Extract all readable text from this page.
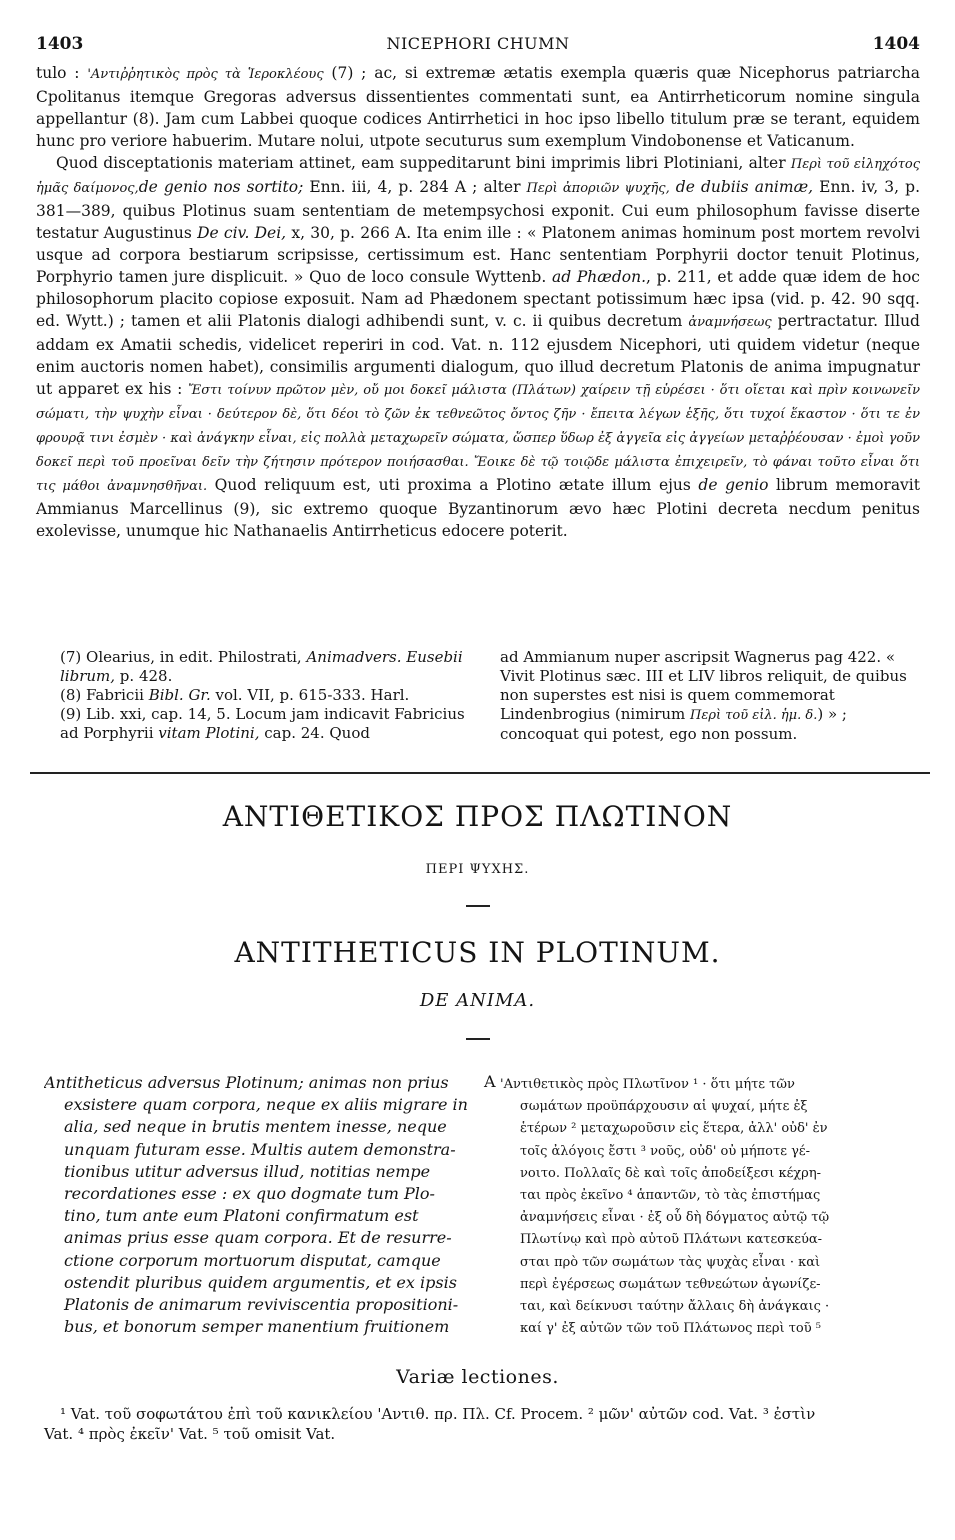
1403	NICEPHORI CHUMN	1404

tulo : 'Αντιῤῥητικὸς πρὸς τὰ Ἱεροκλέους (7) ; ac, si extremæ ætatis exempla quæris quæ Nicephorus patriarcha Cpolitanus itemque Gregoras adversus dissentientes commentati sunt, ea Antirrheticorum nomine singula appellantur (8). Jam cum Labbei quoque codices Antirrhetici in hoc ipso libello titulum præ se terant, equidem hunc pro veriore habuerim. Mutare nolui, utpote secuturus sum exemplum Vindobonense et Vaticanum.

Quod disceptationis materiam attinet, eam suppeditarunt bini imprimis libri Plotiniani, alter Περὶ τοῦ εἰληχότος ἡμᾶς δαίμονος,de genio nos sortito; Enn. iii, 4, p. 284 A ; alter Περὶ ἀποριῶν ψυχῆς, de dubiis animæ, Enn. iv, 3, p. 381—389, quibus Plotinus suam sententiam de metempsychosi exponit. Cui eum philosophum favisse diserte testatur Augustinus De civ. Dei, x, 30, p. 266 A. Ita enim ille : « Platonem animas hominum post mortem revolvi usque ad corpora bestiarum scripsisse, certissimum est. Hanc sententiam Porphyrii doctor tenuit Plotinus, Porphyrio tamen jure displicuit. » Quo de loco consule Wyttenb. ad Phædon., p. 211, et adde quæ idem de hoc philosophorum placito copiose exposuit. Nam ad Phædonem spectant potissimum hæc ipsa (vid. p. 42. 90 sqq. ed. Wytt.) ; tamen et alii Platonis dialogi adhibendi sunt, v. c. ii quibus decretum ἀναμνήσεως pertractatur. Illud addam ex Amatii schedis, videlicet reperiri in cod. Vat. n. 112 ejusdem Nicephori, uti quidem videtur (neque enim auctoris nomen habet), consimilis argumenti dialogum, quo illud decretum Platonis de anima impugnatur ut apparet ex his : Ἔστι τοίνυν πρῶτον μὲν, οὔ μοι δοκεῖ μάλιστα (Πλάτων) χαίρειν τῇ εὑρέσει · ὅτι οἴεται καὶ πρὶν κοινωνεῖν σώματι, τὴν ψυχὴν εἶναι · δεύτερον δὲ, ὅτι δέοι τὸ ζῶν ἐκ τεθνεῶτος ὄντος ζῆν · ἔπειτα λέγων ἑξῆς, ὅτι τυχοί ἕκαστον · ὅτι τε ἐν φρουρᾷ τινι ἐσμὲν · καὶ ἀνάγκην εἶναι, εἰς πολλὰ μεταχωρεῖν σώματα, ὥσπερ ὕδωρ ἐξ ἀγγεῖα εἰς ἀγγείων μεταῤῥέουσαν · ἐμοὶ γοῦν δοκεῖ περὶ τοῦ προεῖναι δεῖν τὴν ζήτησιν πρότερον ποιήσασθαι. Ἔοικε δὲ τῷ τοιῷδε μάλιστα ἐπιχειρεῖν, τὸ φάναι τοῦτο εἶναι ὅτι τις μάθοι ἀναμνησθῆναι. Quod reliquum est, uti proxima a Plotino ætate illum ejus de genio librum memoravit Ammianus Marcellinus (9), sic extremo quoque Byzantinorum ævo hæc Plotini decreta necdum penitus exolevisse, unumque hic Nathanaelis Antirrheticus edocere poterit.

(7) Olearius, in edit. Philostrati, Animadvers. Eusebii librum, p. 428.

(8) Fabricii Bibl. Gr. vol. VII, p. 615-333. Harl.

(9) Lib. xxi, cap. 14, 5. Locum jam indicavit Fabricius ad Porphyrii vitam Plotini, cap. 24. Quod

ad Ammianum nuper ascripsit Wagnerus pag 422. « Vivit Plotinus sæc. III et LIV libros reliquit, de quibus non superstes est nisi is quem commemorat Lindenbrogius (nimirum Περὶ τοῦ εἰλ. ἡμ. δ.) » ; concoquat qui potest, ego non possum.

ΑΝΤΙΘΕΤΙΚΟΣ ΠΡΟΣ ΠΛΩΤΙΝΟΝ
ΠΕΡΙ ΨΥΧΗΣ.
ANTITHETICUS IN PLOTINUM.
DE ANIMA.
Antitheticus adversus Plotinum; animas non prius
exsistere quam corpora, neque ex aliis migrare in
alia, sed neque in brutis mentem inesse, neque
unquam futuram esse. Multis autem demonstra-
tionibus utitur adversus illud, notitias nempe
recordationes esse : ex quo dogmate tum Plo-
tino, tum ante eum Platoni confirmatum est
animas prius esse quam corpora. Et de resurre-
ctione corporum mortuorum disputat, camque
ostendit pluribus quidem argumentis, et ex ipsis
Platonis de animarum reviviscentia propositioni-
bus, et bonorum semper manentium fruitionem
A 'Αντιθετικὸς πρὸς Πλωτῖνον ¹ · ὅτι μήτε τῶν
σωμάτων προϋπάρχουσιν αἱ ψυχαί, μήτε ἐξ
ἑτέρων ² μεταχωροῦσιν εἰς ἕτερα, ἀλλ' οὐδ' ἐν
τοῖς ἀλόγοις ἔστι ³ νοῦς, οὐδ' οὐ μήποτε γέ-
νοιτο. Πολλαῖς δὲ καὶ τοῖς ἀποδείξεσι κέχρη-
ται πρὸς ἐκεῖνο ⁴ ἁπαντῶν, τὸ τὰς ἐπιστήμας
ἀναμνήσεις εἶναι · ἐξ οὗ δὴ δόγματος αὐτῷ τῷ
Πλωτίνῳ καὶ πρὸ αὐτοῦ Πλάτωνι κατεσκεύα-
σται πρὸ τῶν σωμάτων τὰς ψυχὰς εἶναι · καὶ
περὶ ἐγέρσεως σωμάτων τεθνεώτων ἀγωνίζε-
ται, καὶ δείκνυσι ταύτην ἄλλαις δὴ ἀνάγκαις ·
καί γ' ἐξ αὐτῶν τῶν τοῦ Πλάτωνος περὶ τοῦ ⁵
Variæ lectiones.
¹ Vat. τοῦ σοφωτάτου ἐπὶ τοῦ κανικλείου 'Αντιθ. πρ. Πλ. Cf. Procem. ² μῶν' αὐτῶν cod. Vat. ³ ἐστὶν
Vat. ⁴ πρὸς ἐκεῖν' Vat. ⁵ τοῦ omisit Vat.
